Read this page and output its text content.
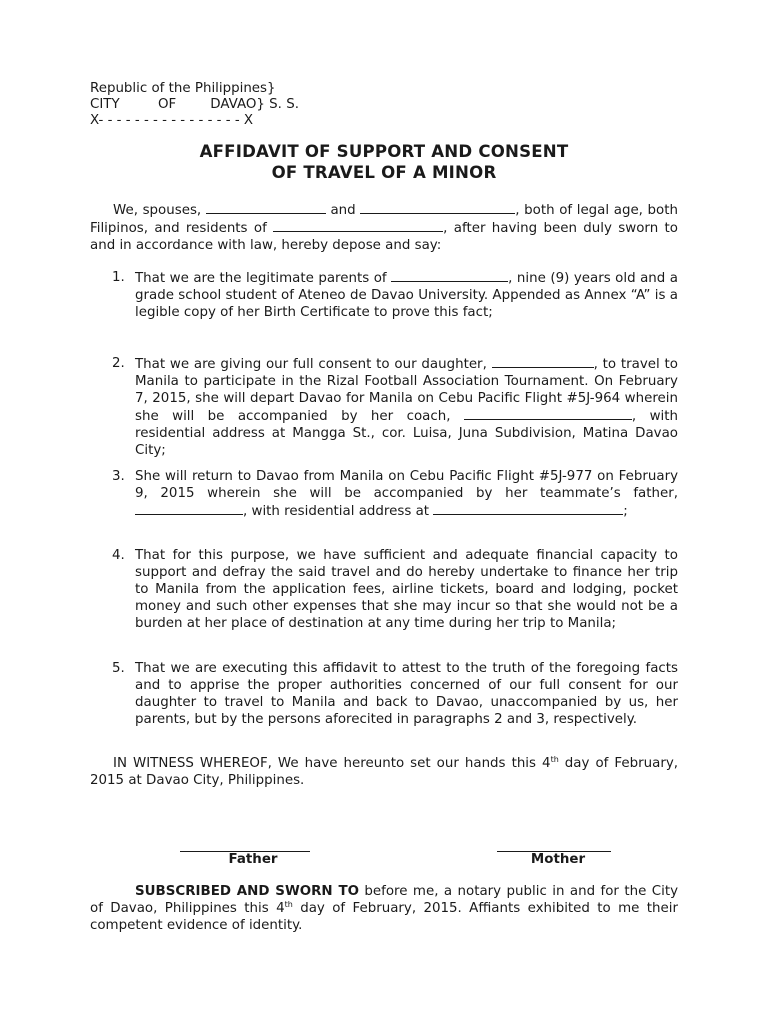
Republic of the Philippines}
CITY         OF        DAVAO} S. S.
X- - - - - - - - - - - - - - - - X
AFFIDAVIT OF SUPPORT AND CONSENT
OF TRAVEL OF A MINOR
We, spouses,	and	, both of legal age, both Filipinos, and residents of	, after having been duly sworn to and in accordance with law, hereby depose and say:
1. That we are the legitimate parents of	, nine (9) years old and a grade school student of Ateneo de Davao University. Appended as Annex “A” is a legible copy of her Birth Certificate to prove this fact;
2. That we are giving our full consent to our daughter,	, to travel to Manila to participate in the Rizal Football Association Tournament. On February 7, 2015, she will depart Davao for Manila on Cebu Pacific Flight #5J-964 wherein she will be accompanied by her coach,	, with residential address at Mangga St., cor. Luisa, Juna Subdivision, Matina Davao City;
3. She will return to Davao from Manila on Cebu Pacific Flight #5J-977 on February 9, 2015 wherein she will be accompanied by her teammate’s father, , with residential address at	;
4. That for this purpose, we have sufficient and adequate financial capacity to support and defray the said travel and do hereby undertake to finance her trip to Manila from the application fees, airline tickets, board and lodging, pocket money and such other expenses that she may incur so that she would not be a burden at her place of destination at any time during her trip to Manila;
5. That we are executing this affidavit to attest to the truth of the foregoing facts and to apprise the proper authorities concerned of our full consent for our daughter to travel to Manila and back to Davao, unaccompanied by us, her parents, but by the persons aforecited in paragraphs 2 and 3, respectively.
IN WITNESS WHEREOF, We have hereunto set our hands this 4th day of February, 2015 at Davao City, Philippines.
Father	Mother
SUBSCRIBED AND SWORN TO before me, a notary public in and for the City of Davao, Philippines this 4th day of February, 2015. Affiants exhibited to me their competent evidence of identity.
